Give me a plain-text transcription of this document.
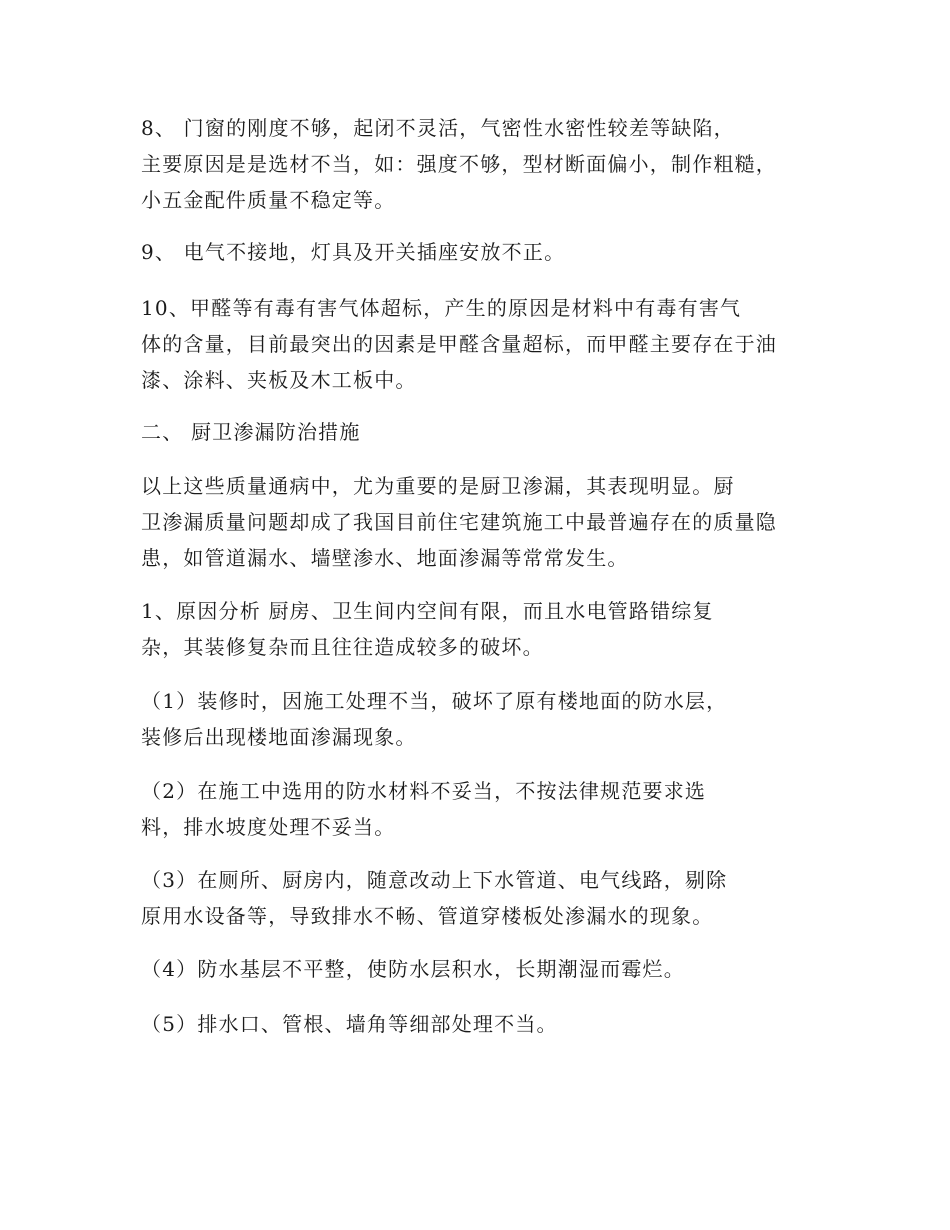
8、 门窗的刚度不够，起闭不灵活，气密性水密性较差等缺陷，
主要原因是是选材不当，如：强度不够，型材断面偏小，制作粗糙，
小五金配件质量不稳定等。
9、 电气不接地，灯具及开关插座安放不正。
10、甲醛等有毒有害气体超标，产生的原因是材料中有毒有害气
体的含量，目前最突出的因素是甲醛含量超标，而甲醛主要存在于油
漆、涂料、夹板及木工板中。
二、 厨卫渗漏防治措施
以上这些质量通病中，尤为重要的是厨卫渗漏，其表现明显。厨
卫渗漏质量问题却成了我国目前住宅建筑施工中最普遍存在的质量隐
患，如管道漏水、墙壁渗水、地面渗漏等常常发生。
1、原因分析 厨房、卫生间内空间有限，而且水电管路错综复
杂，其装修复杂而且往往造成较多的破坏。
（1）装修时，因施工处理不当，破坏了原有楼地面的防水层，
装修后出现楼地面渗漏现象。
（2）在施工中选用的防水材料不妥当，不按法律规范要求选
料，排水坡度处理不妥当。
（3）在厕所、厨房内，随意改动上下水管道、电气线路，剔除
原用水设备等，导致排水不畅、管道穿楼板处渗漏水的现象。
（4）防水基层不平整，使防水层积水，长期潮湿而霉烂。
（5）排水口、管根、墙角等细部处理不当。
